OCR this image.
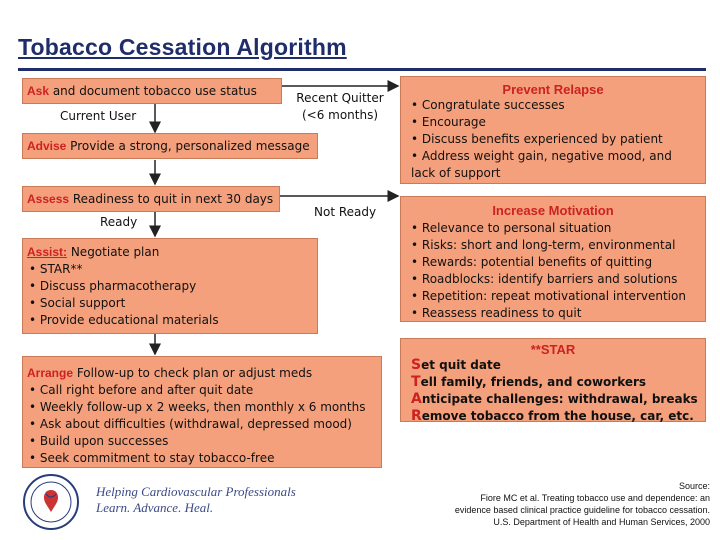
Tobacco Cessation Algorithm
Ask and document tobacco use status	Recent Quitter
(<6 months)
Current User
Advise Provide a strong, personalized message
Assess Readiness to quit in next 30 days
Ready
Not Ready
Assist: Negotiate plan
• STAR**
• Discuss pharmacotherapy
• Social support
• Provide educational materials
Arrange Follow-up to check plan or adjust meds
• Call right before and after quit date
• Weekly follow-up x 2 weeks, then monthly x 6 months
• Ask about difficulties (withdrawal, depressed mood)
• Build upon successes
• Seek commitment to stay tobacco-free
Prevent Relapse
• Congratulate successes
• Encourage
• Discuss benefits experienced by patient
• Address weight gain, negative mood, and
lack of support
Increase Motivation
• Relevance to personal situation
• Risks: short and long-term, environmental
• Rewards: potential benefits of quitting
• Roadblocks: identify barriers and solutions
• Repetition: repeat motivational intervention
• Reassess readiness to quit
**STAR
Set quit date
Tell family, friends, and coworkers
Anticipate challenges: withdrawal, breaks
Remove tobacco from the house, car, etc.
Helping Cardiovascular Professionals
Learn. Advance. Heal.
Source:
Fiore MC et al. Treating tobacco use and dependence: an
evidence based clinical practice guideline for tobacco cessation.
U.S. Department of Health and Human Services, 2000
